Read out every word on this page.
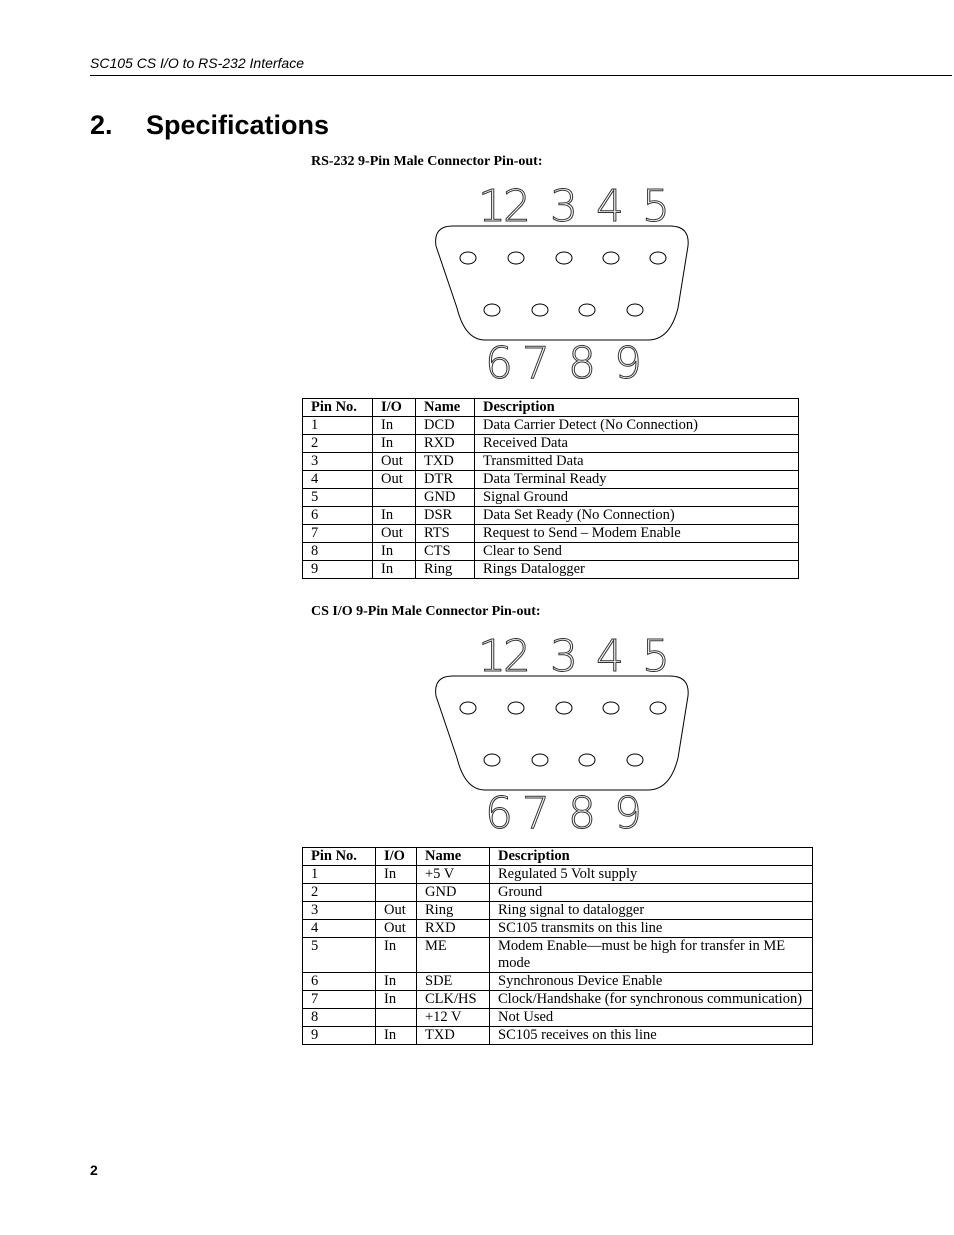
SC105 CS I/O to RS-232 Interface
2. Specifications
RS-232 9-Pin Male Connector Pin-out:
1
2 3 4 5
6 7 8 9
Pin No.	I/O	Name	Description
1	In	DCD	Data Carrier Detect (No Connection)
2	In	RXD	Received Data
3	Out	TXD	Transmitted Data
4	Out	DTR	Data Terminal Ready
5		GND	Signal Ground
6	In	DSR	Data Set Ready (No Connection)
7	Out	RTS	Request to Send – Modem Enable
8	In	CTS	Clear to Send
9	In	Ring	Rings Datalogger
CS I/O 9-Pin Male Connector Pin-out:
1
2 3 4 5
6 7 8 9
Pin No.	I/O	Name	Description
1	In	+5 V	Regulated 5 Volt supply
2		GND	Ground
3	Out	Ring	Ring signal to datalogger
4	Out	RXD	SC105 transmits on this line
5	In	ME	Modem Enable—must be high for transfer in ME mode
6	In	SDE	Synchronous Device Enable
7	In	CLK/HS	Clock/Handshake (for synchronous communication)
8		+12 V	Not Used
9	In	TXD	SC105 receives on this line
2
